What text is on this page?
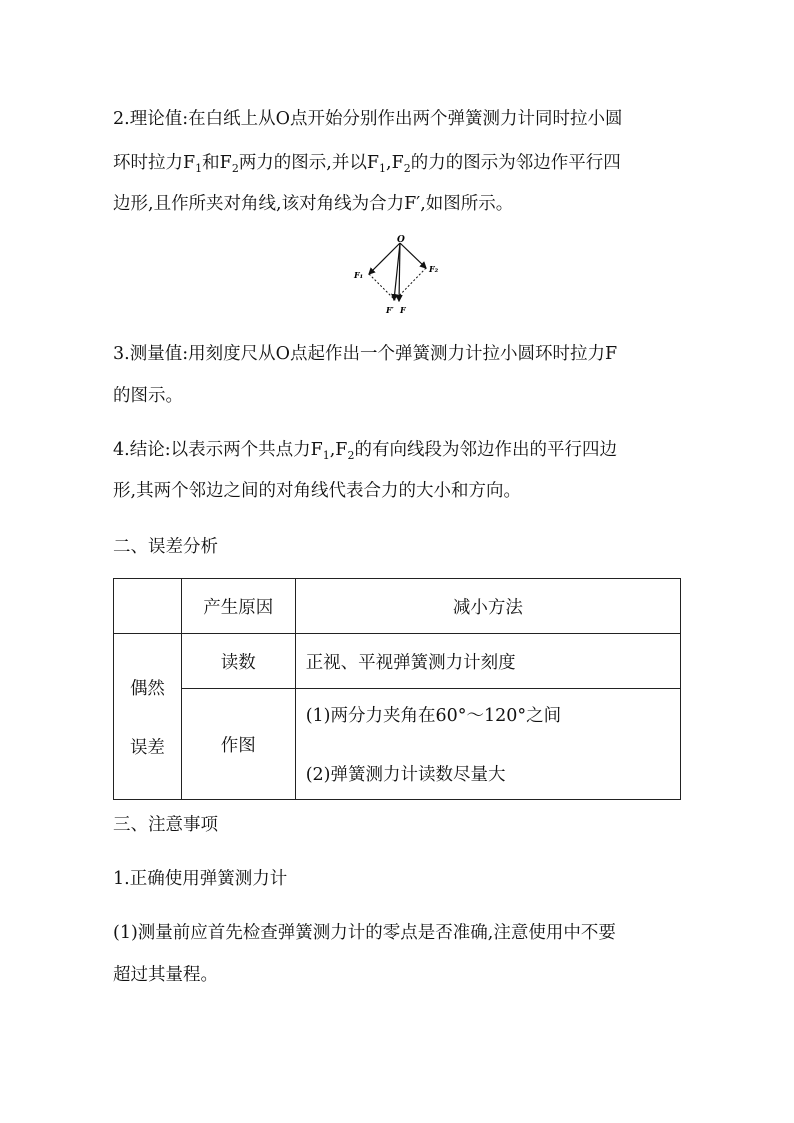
2.理论值:在白纸上从O点开始分别作出两个弹簧测力计同时拉小圆
环时拉力$F_1$和$F_2$两力的图示,并以$F_1,F_2$的力的图示为邻边作平行四
边形,且作所夹对角线,该对角线为合力F′,如图所示。
O
F₁
F₂
F′ F
3.测量值:用刻度尺从O点起作出一个弹簧测力计拉小圆环时拉力F
的图示。
4.结论:以表示两个共点力$F_1,F_2$的有向线段为邻边作出的平行四边
形,其两个邻边之间的对角线代表合力的大小和方向。
二、误差分析
	产生原因	减小方法

偶然
误差	读数	正视、平视弹簧测力计刻度
	作图	(1)两分力夹角在60°～120°之间
(2)弹簧测力计读数尽量大
三、注意事项
1.正确使用弹簧测力计
(1)测量前应首先检查弹簧测力计的零点是否准确,注意使用中不要
超过其量程。
